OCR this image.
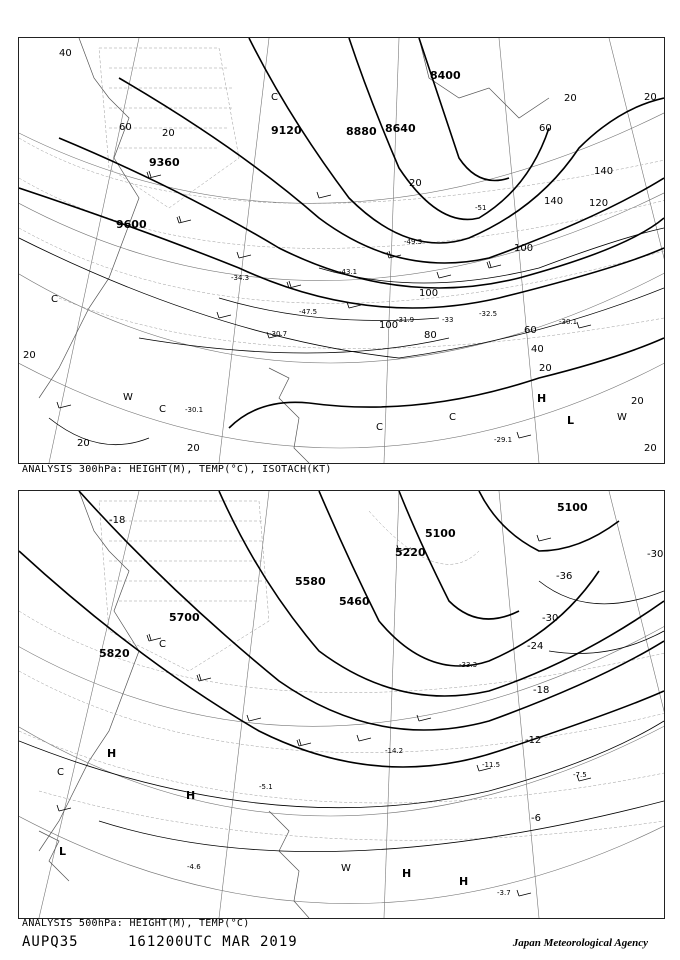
9600
9360
9120	8880 8640
8400
40
60
20
100
100
80
100
120
140
140
60
40
20
20
20
20
20
20
20
20
60
20
-30.1
-33
-31.9
-32.5
-34.3
-43.1
-49.3
-51
-47.5
-30.7
-29.1
-30.1
H
L
W
W
C
C
C
C
C
ANALYSIS 300hPa: HEIGHT(M), TEMP(°C), ISOTACH(KT)
5820
5700
5580
5460
5220
5100
5100
-6
-12
-18
-24
-30
-36
-30
-18
-33.3
-11.5
-7.5
-3.7
-4.6
-14.2
-5.1
H
H
H
H
L
W
C
C
ANALYSIS 500hPa: HEIGHT(M), TEMP(°C)
AUPQ35	161200UTC MAR 2019	Japan Meteorological Agency
